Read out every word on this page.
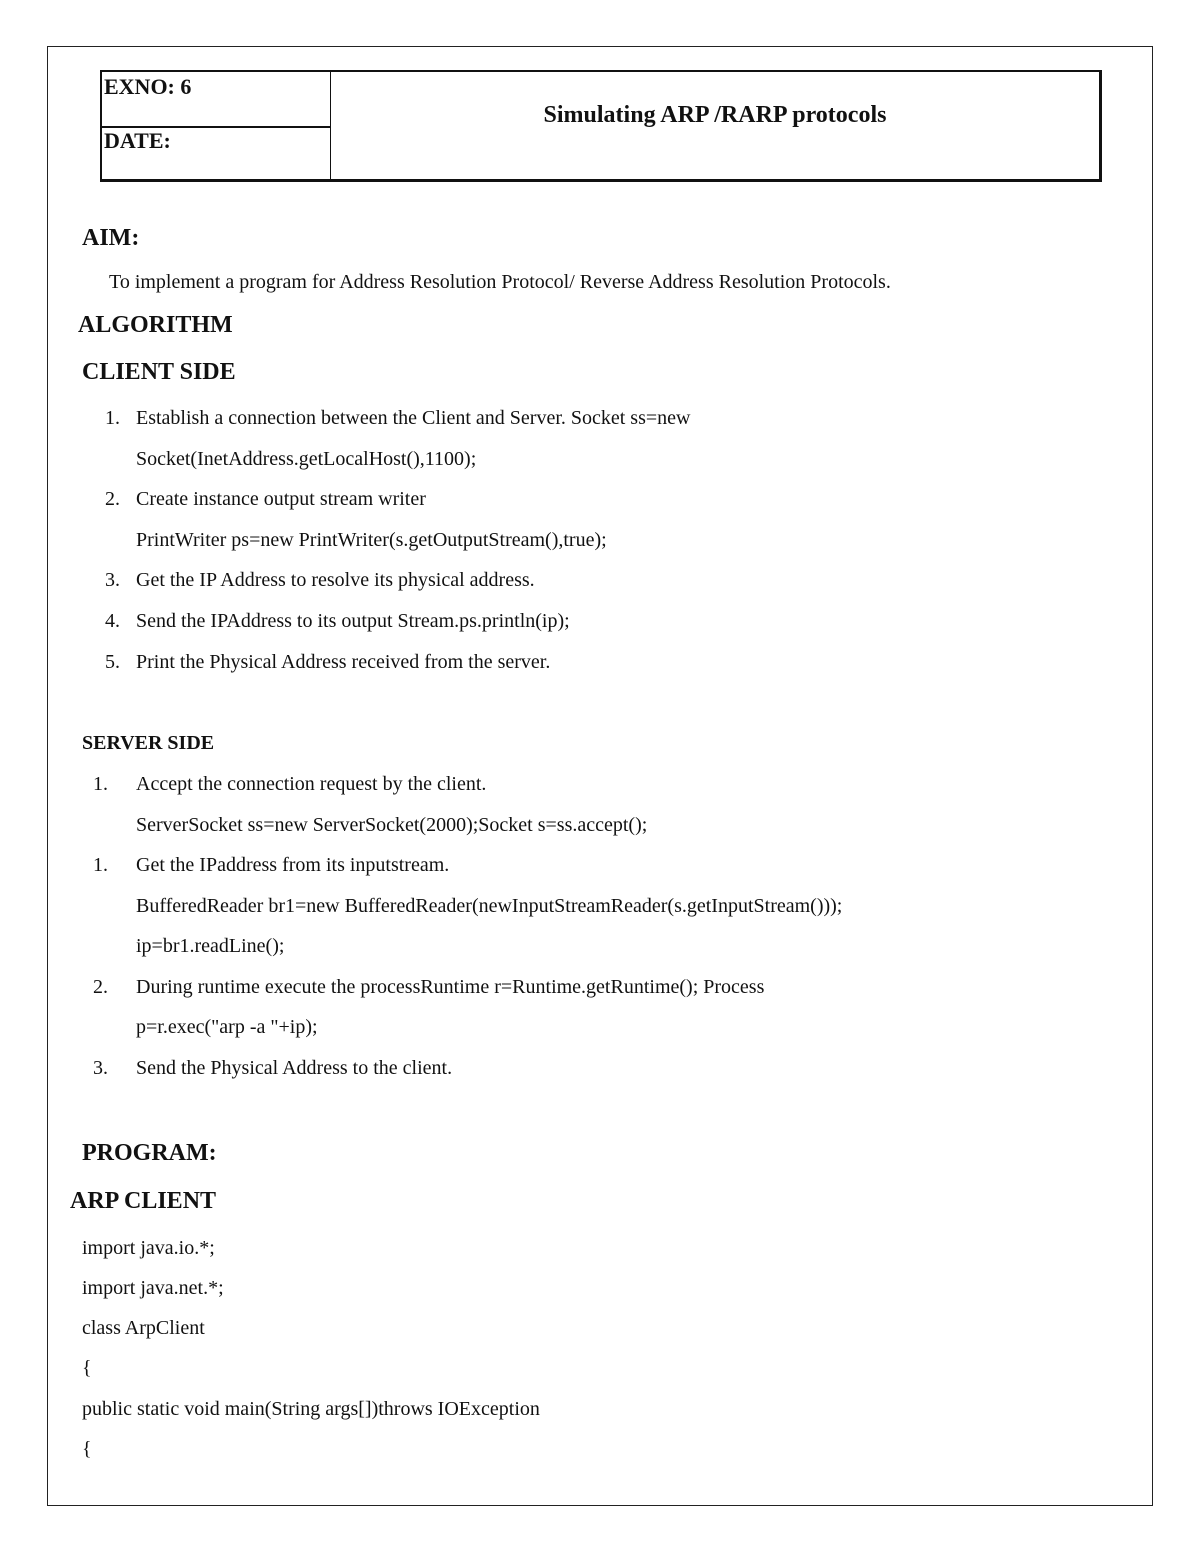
EXNO: 6
DATE:
Simulating ARP /RARP protocols
AIM:
To implement a program for Address Resolution Protocol/ Reverse Address Resolution Protocols.
ALGORITHM
CLIENT SIDE
1. Establish a connection between the Client and Server. Socket ss=new
Socket(InetAddress.getLocalHost(),1100);
2. Create instance output stream writer
PrintWriter ps=new PrintWriter(s.getOutputStream(),true);
3. Get the IP Address to resolve its physical address.
4. Send the IPAddress to its output Stream.ps.println(ip);
5. Print the Physical Address received from the server.
SERVER SIDE
1. Accept the connection request by the client.
ServerSocket ss=new ServerSocket(2000);Socket s=ss.accept();
1. Get the IPaddress from its inputstream.
BufferedReader br1=new BufferedReader(newInputStreamReader(s.getInputStream()));
ip=br1.readLine();
2. During runtime execute the processRuntime r=Runtime.getRuntime(); Process
p=r.exec("arp -a "+ip);
3. Send the Physical Address to the client.
PROGRAM:
ARP CLIENT
import java.io.*;
import java.net.*;
class ArpClient
{
public static void main(String args[])throws IOException
{
